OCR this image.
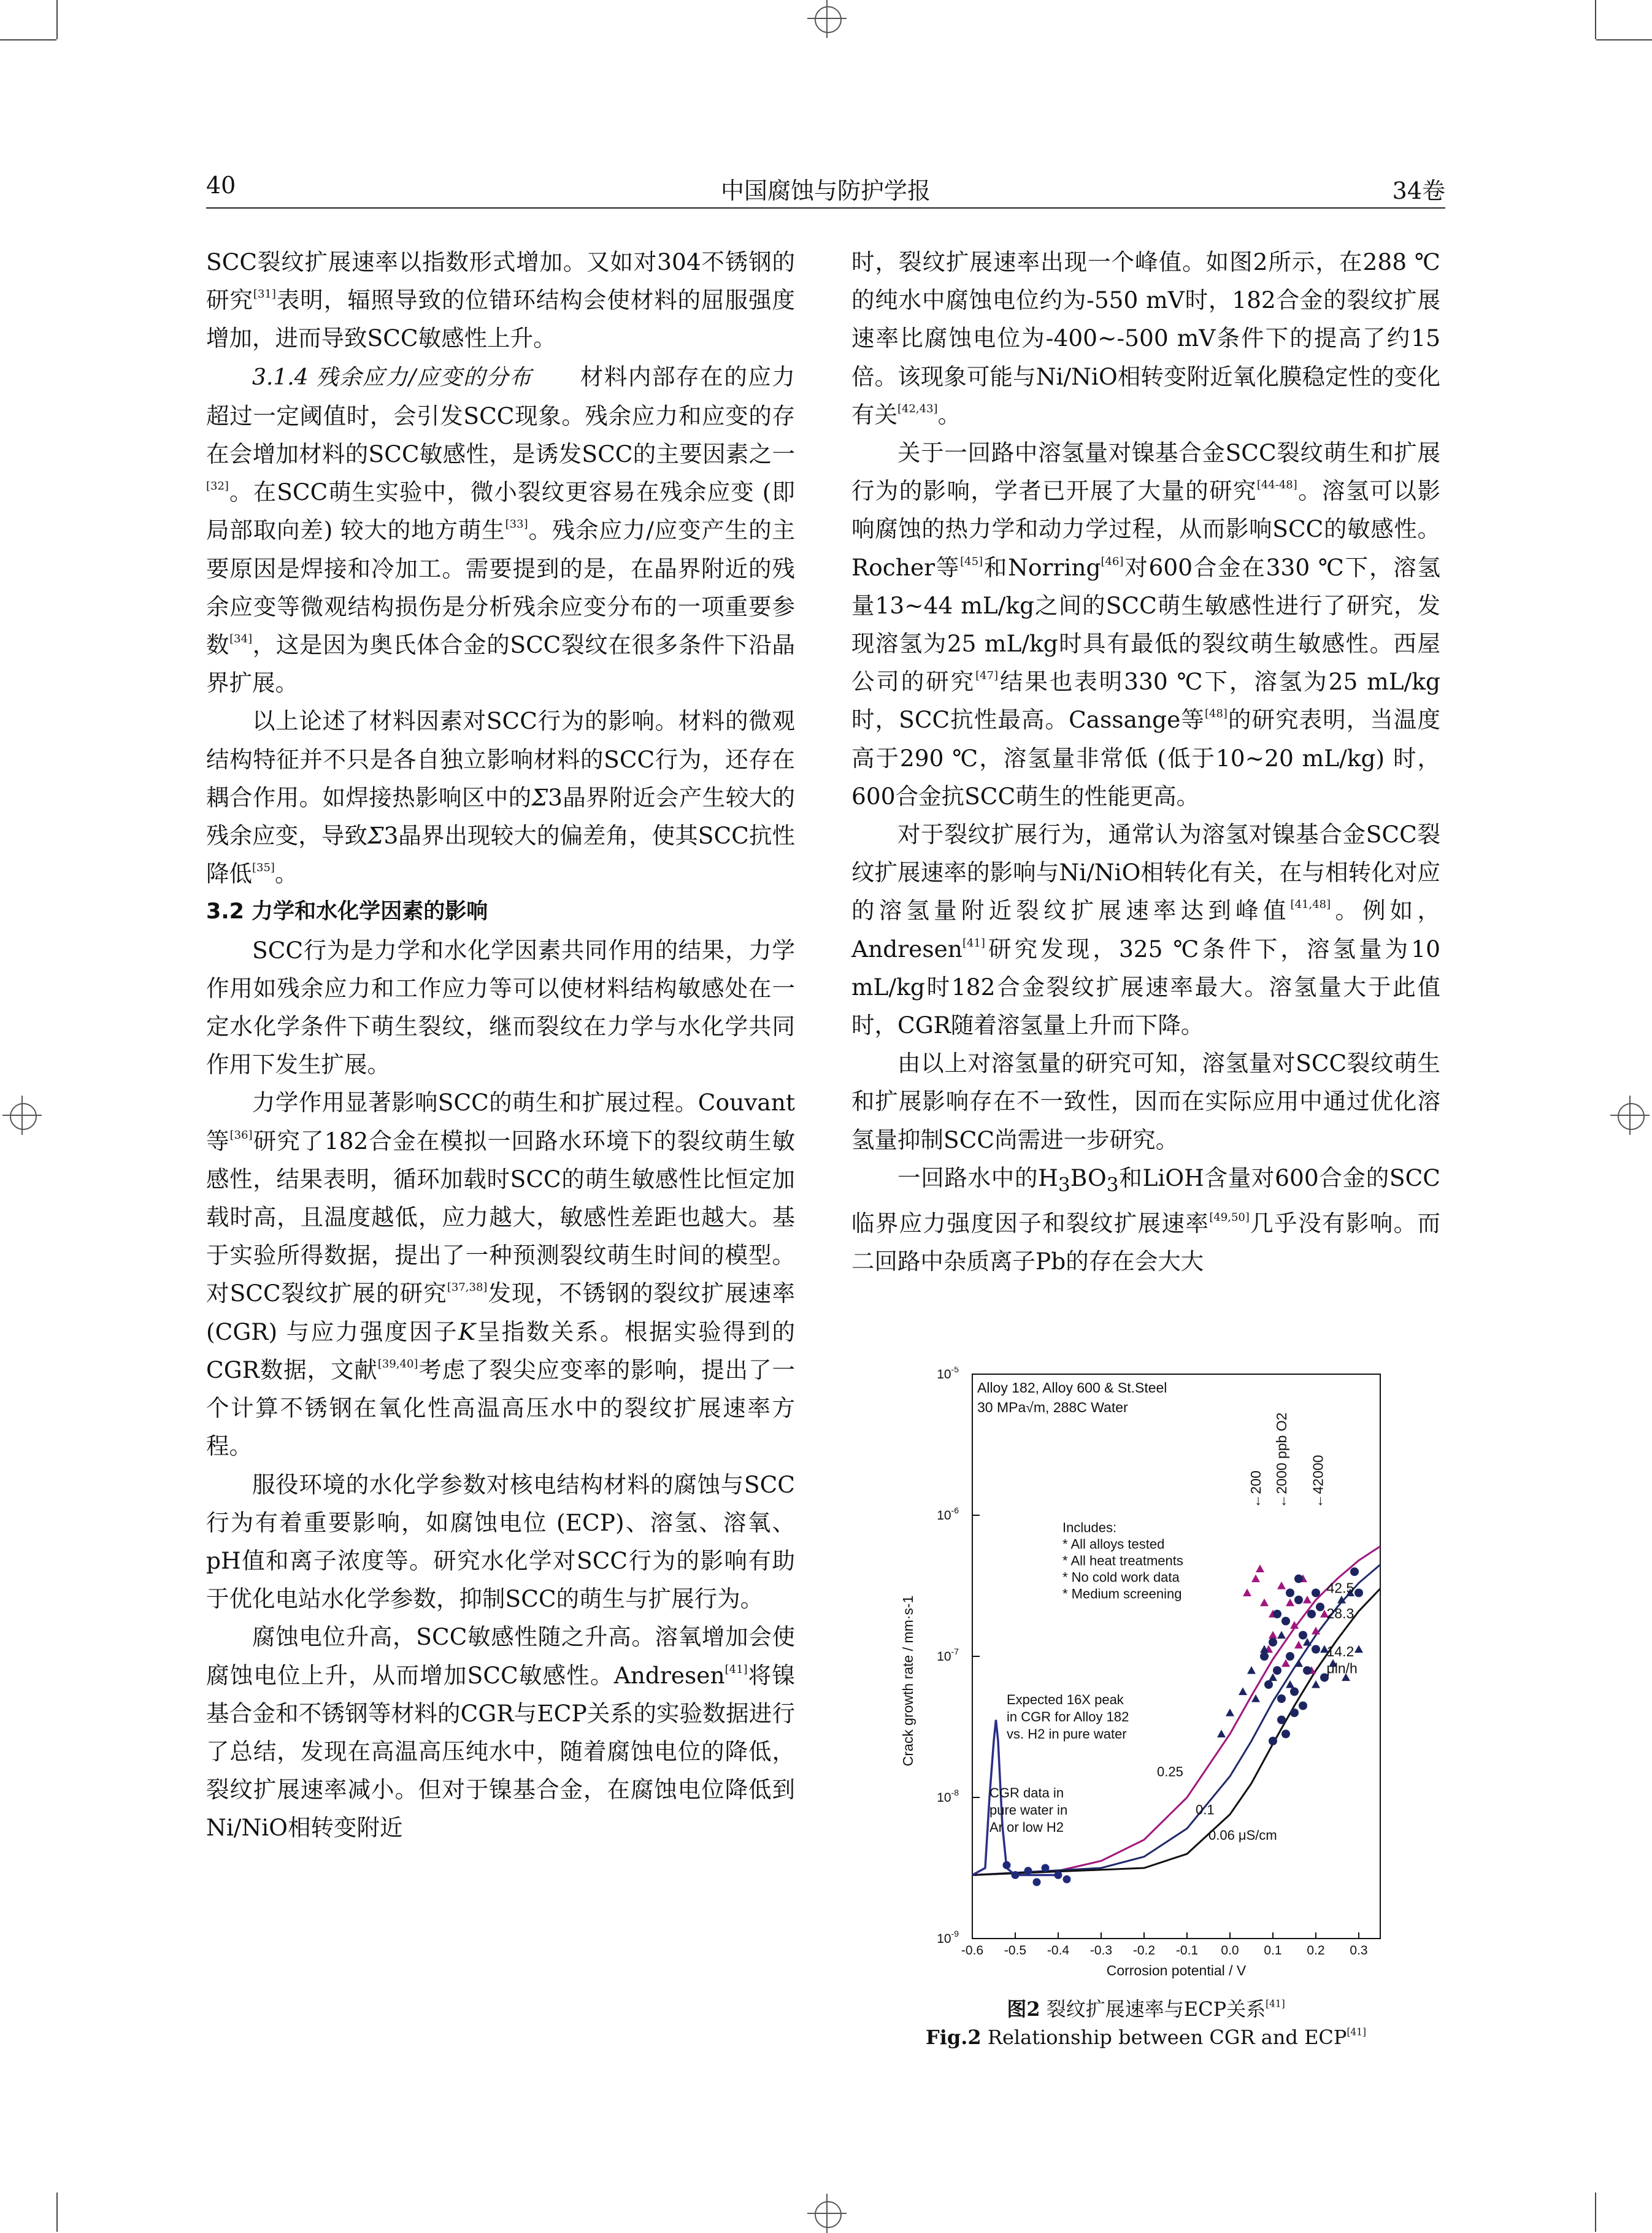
40	中国腐蚀与防护学报	34卷

SCC裂纹扩展速率以指数形式增加。又如对304不锈钢的研究[31]表明，辐照导致的位错环结构会使材料的屈服强度增加，进而导致SCC敏感性上升。

3.1.4 残余应力/应变的分布　　材料内部存在的应力超过一定阈值时，会引发SCC现象。残余应力和应变的存在会增加材料的SCC敏感性，是诱发SCC的主要因素之一[32]。在SCC萌生实验中，微小裂纹更容易在残余应变 (即局部取向差) 较大的地方萌生[33]。残余应力/应变产生的主要原因是焊接和冷加工。需要提到的是，在晶界附近的残余应变等微观结构损伤是分析残余应变分布的一项重要参数[34]，这是因为奥氏体合金的SCC裂纹在很多条件下沿晶界扩展。

以上论述了材料因素对SCC行为的影响。材料的微观结构特征并不只是各自独立影响材料的SCC行为，还存在耦合作用。如焊接热影响区中的Σ3晶界附近会产生较大的残余应变，导致Σ3晶界出现较大的偏差角，使其SCC抗性降低[35]。

3.2 力学和水化学因素的影响

SCC行为是力学和水化学因素共同作用的结果，力学作用如残余应力和工作应力等可以使材料结构敏感处在一定水化学条件下萌生裂纹，继而裂纹在力学与水化学共同作用下发生扩展。

力学作用显著影响SCC的萌生和扩展过程。Couvant等[36]研究了182合金在模拟一回路水环境下的裂纹萌生敏感性，结果表明，循环加载时SCC的萌生敏感性比恒定加载时高，且温度越低，应力越大，敏感性差距也越大。基于实验所得数据，提出了一种预测裂纹萌生时间的模型。对SCC裂纹扩展的研究[37,38]发现，不锈钢的裂纹扩展速率 (CGR) 与应力强度因子K呈指数关系。根据实验得到的CGR数据，文献[39,40]考虑了裂尖应变率的影响，提出了一个计算不锈钢在氧化性高温高压水中的裂纹扩展速率方程。

服役环境的水化学参数对核电结构材料的腐蚀与SCC行为有着重要影响，如腐蚀电位 (ECP)、溶氢、溶氧、pH值和离子浓度等。研究水化学对SCC行为的影响有助于优化电站水化学参数，抑制SCC的萌生与扩展行为。

腐蚀电位升高，SCC敏感性随之升高。溶氧增加会使腐蚀电位上升，从而增加SCC敏感性。Andresen[41]将镍基合金和不锈钢等材料的CGR与ECP关系的实验数据进行了总结，发现在高温高压纯水中，随着腐蚀电位的降低，裂纹扩展速率减小。但对于镍基合金，在腐蚀电位降低到Ni/NiO相转变附近

时，裂纹扩展速率出现一个峰值。如图2所示，在288 ℃的纯水中腐蚀电位约为-550 mV时，182合金的裂纹扩展速率比腐蚀电位为-400~-500 mV条件下的提高了约15倍。该现象可能与Ni/NiO相转变附近氧化膜稳定性的变化有关[42,43]。

关于一回路中溶氢量对镍基合金SCC裂纹萌生和扩展行为的影响，学者已开展了大量的研究[44-48]。溶氢可以影响腐蚀的热力学和动力学过程，从而影响SCC的敏感性。Rocher等[45]和Norring[46]对600合金在330 ℃下，溶氢量13~44 mL/kg之间的SCC萌生敏感性进行了研究，发现溶氢为25 mL/kg时具有最低的裂纹萌生敏感性。西屋公司的研究[47]结果也表明330 ℃下，溶氢为25 mL/kg时，SCC抗性最高。Cassange等[48]的研究表明，当温度高于290 ℃，溶氢量非常低 (低于10~20 mL/kg) 时，600合金抗SCC萌生的性能更高。

对于裂纹扩展行为，通常认为溶氢对镍基合金SCC裂纹扩展速率的影响与Ni/NiO相转化有关，在与相转化对应的溶氢量附近裂纹扩展速率达到峰值[41,48]。例如，Andresen[41]研究发现，325 ℃条件下，溶氢量为10 mL/kg时182合金裂纹扩展速率最大。溶氢量大于此值时，CGR随着溶氢量上升而下降。

由以上对溶氢量的研究可知，溶氢量对SCC裂纹萌生和扩展影响存在不一致性，因而在实际应用中通过优化溶氢量抑制SCC尚需进一步研究。

一回路水中的$H_3BO_3$和LiOH含量对600合金的SCC临界应力强度因子和裂纹扩展速率[49,50]几乎没有影响。而二回路中杂质离子Pb的存在会大大

-0.6 -0.5 -0.4 -0.3 -0.2 -0.1 0.0 0.1 0.2 0.3
$10^{-9}$
$10^{-8}$
$10^{-7}$
$10^{-6}$
$10^{-5}$
Corrosion potential / V
Crack growth rate / mm·s-1
Alloy 182, Alloy 600 & St.Steel
30 MPa√m, 288C Water
←200 ←2000 ppb O2 ←42000
Includes:
* All alloys tested
* All heat treatments
* No cold work data
* Medium screening	42.5
28.3
14.2
μln/h
Expected 16X peak
in CGR for Alloy 182
vs. H2 in pure water
CGR data in
pure water in
Ar or low H2
0.25
0.1
0.06 μS/cm
图2 裂纹扩展速率与ECP关系[41]
Fig.2 Relationship between CGR and ECP[41]
